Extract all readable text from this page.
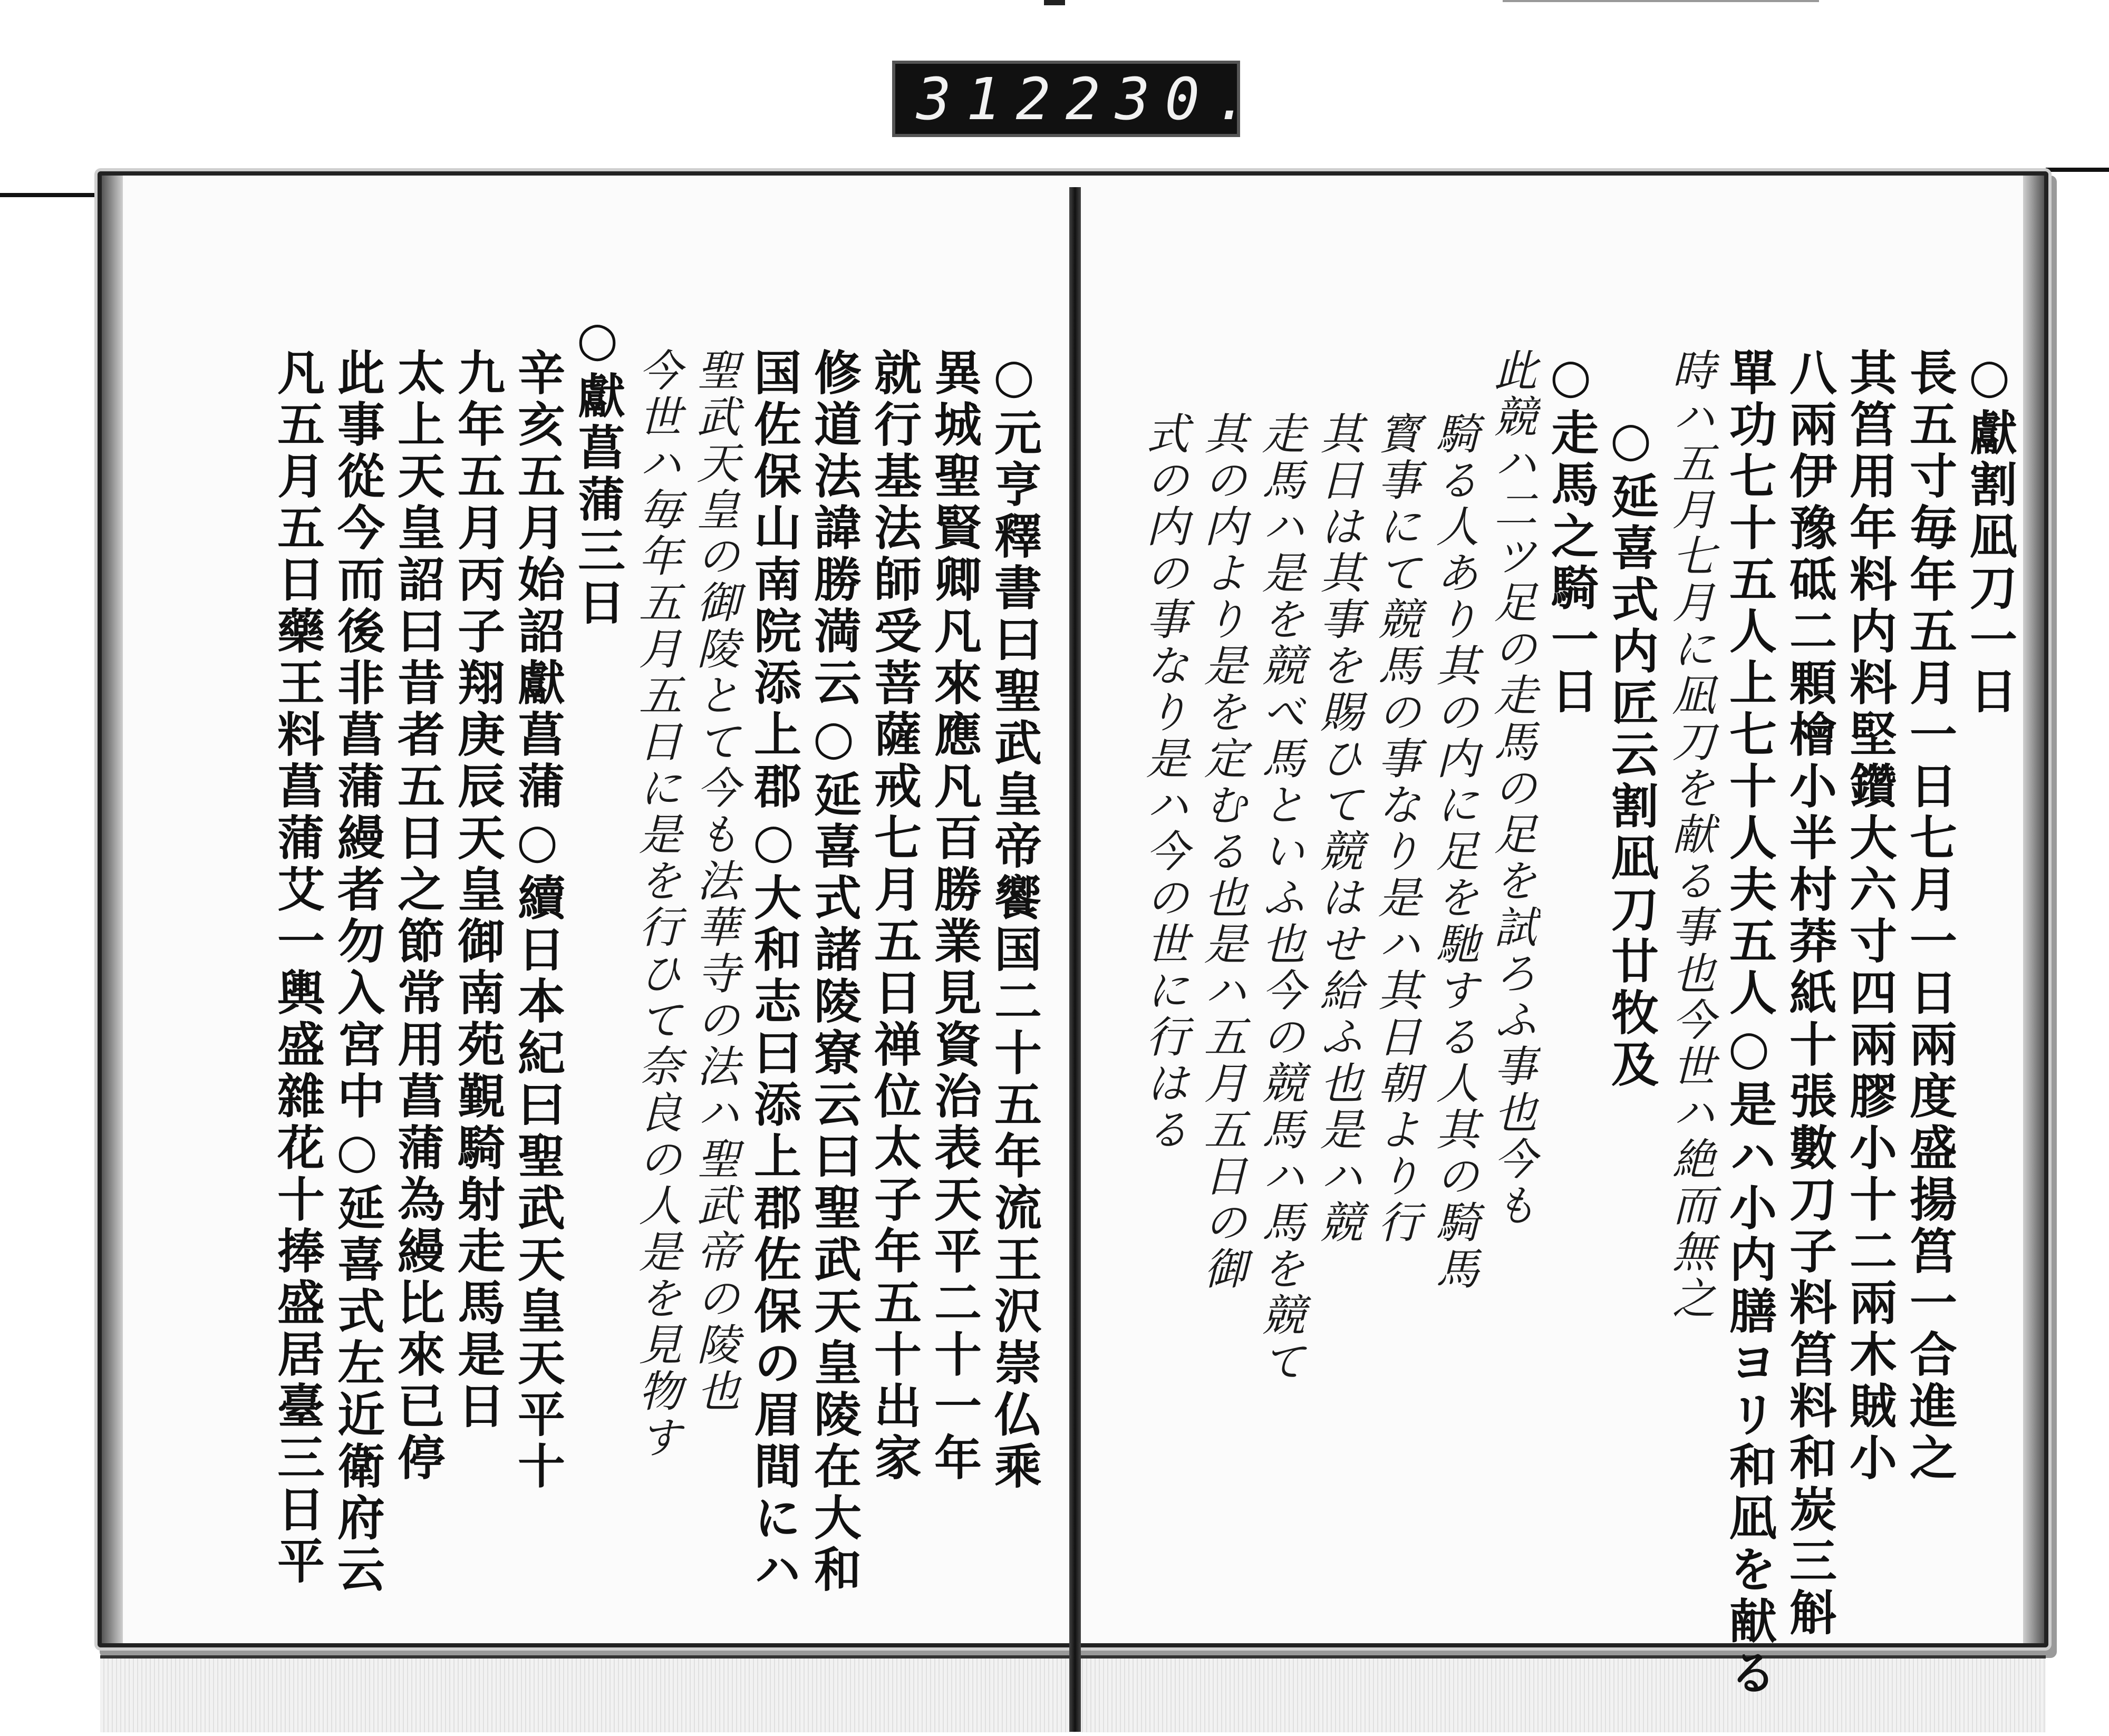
312 230.
○獻割凪刀一日
長五寸毎年五月一日七月一日兩度盛揚筥一合進之
其筥用年料内料堅鑽大六寸四兩膠小十二兩木賊小
八兩伊豫砥二顆檜小半村莽紙十張數刀子料筥料和炭三斛
單功七十五人上七十人夫五人○是ハ小内膳ヨリ和凪を献る
時ハ五月七月に凪刀を献る事也今世ハ絶而無之
○延喜式内匠云割凪刀廿牧及
○走馬之騎一日
此競ハ二ツ足の走馬の足を試ろふ事也今も
騎る人あり其の内に足を馳する人其の騎馬
寳事にて競馬の事なり是ハ其日朝より行
其日は其事を賜ひて競はせ給ふ也是ハ競
走馬ハ是を競べ馬といふ也今の競馬ハ馬を競て
其の内より是を定むる也是ハ五月五日の御
式の内の事なり是ハ今の世に行はる
○元亨釋書曰聖武皇帝饗国二十五年流王沢崇仏乘
異城聖賢卿凡來應凡百勝業見資治表天平二十一年
就行基法師受菩薩戒七月五日禅位太子年五十出家
修道法諱勝満云○延喜式諸陵寮云曰聖武天皇陵在大和
国佐保山南院添上郡○大和志曰添上郡佐保の眉間にハ
聖武天皇の御陵とて今も法華寺の法ハ聖武帝の陵也
今世ハ毎年五月五日に是を行ひて奈良の人是を見物す
○獻菖蒲三日
辛亥五月始詔獻菖蒲○續日本紀曰聖武天皇天平十
九年五月丙子翔庚辰天皇御南苑覲騎射走馬是日
太上天皇詔曰昔者五日之節常用菖蒲為縵比來已停
此事從今而後非菖蒲縵者勿入宮中○延喜式左近衛府云
凡五月五日藥王料菖蒲艾一輿盛雜花十捧盛居臺三日平
